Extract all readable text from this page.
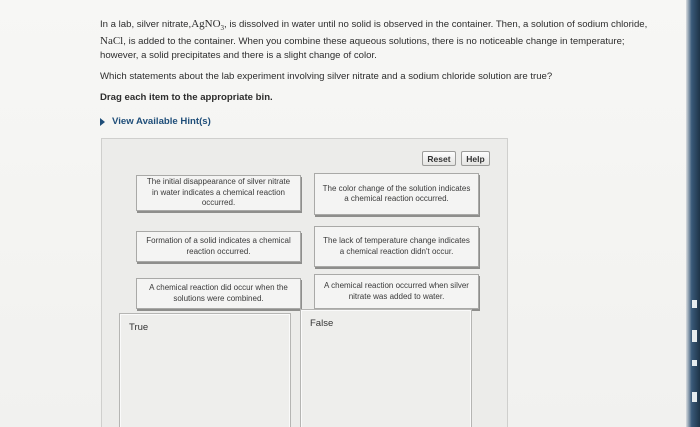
In a lab, silver nitrate,AgNO$_3$, is dissolved in water until no solid is observed in the container. Then, a solution of sodium chloride, NaCl, is added to the container. When you combine these aqueous solutions, there is no noticeable change in temperature; however, a solid precipitates and there is a slight change of color.
Which statements about the lab experiment involving silver nitrate and a sodium chloride solution are true?
Drag each item to the appropriate bin.
View Available Hint(s)
Reset	Help
The initial disappearance of silver nitrate in water indicates a chemical reaction occurred.
The color change of the solution indicates a chemical reaction occurred.
Formation of a solid indicates a chemical reaction occurred.
The lack of temperature change indicates a chemical reaction didn't occur.
A chemical reaction did occur when the solutions were combined.
A chemical reaction occurred when silver nitrate was added to water.
True	False
